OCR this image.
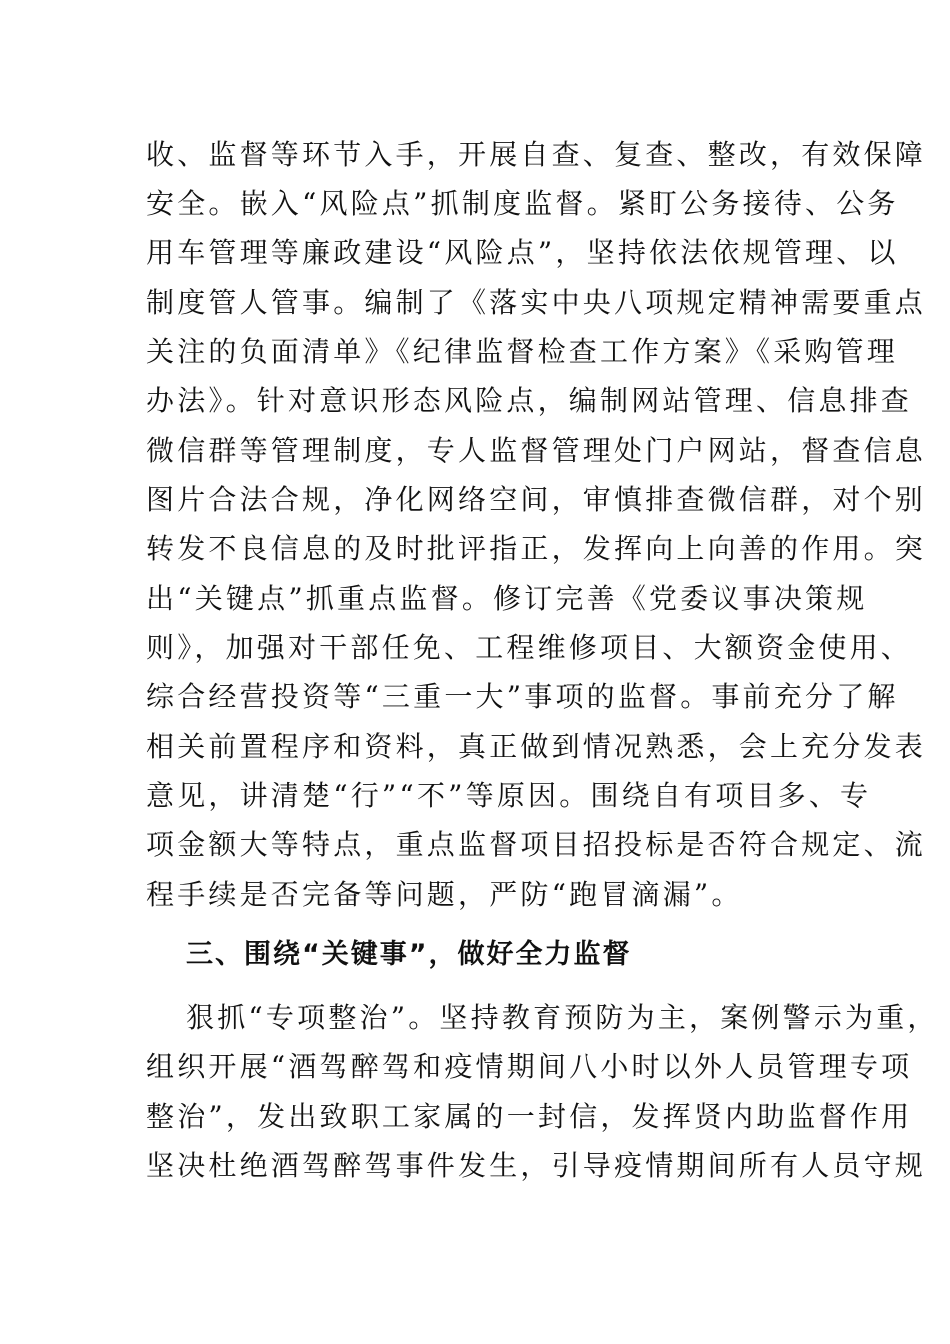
收、监督等环节入手，开展自查、复查、整改，有效保障
安全。嵌入“风险点”抓制度监督。紧盯公务接待、公务
用车管理等廉政建设“风险点”，坚持依法依规管理、以
制度管人管事。编制了《落实中央八项规定精神需要重点
关注的负面清单》《纪律监督检查工作方案》《采购管理
办法》。针对意识形态风险点，编制网站管理、信息排查
微信群等管理制度，专人监督管理处门户网站，督查信息
图片合法合规，净化网络空间，审慎排查微信群，对个别
转发不良信息的及时批评指正，发挥向上向善的作用。突
出“关键点”抓重点监督。修订完善《党委议事决策规
则》，加强对干部任免、工程维修项目、大额资金使用、
综合经营投资等“三重一大”事项的监督。事前充分了解
相关前置程序和资料，真正做到情况熟悉，会上充分发表
意见，讲清楚“行”“不”等原因。围绕自有项目多、专
项金额大等特点，重点监督项目招投标是否符合规定、流
程手续是否完备等问题，严防“跑冒滴漏”。
三、围绕“关键事”，做好全力监督
狠抓“专项整治”。坚持教育预防为主，案例警示为重，
组织开展“酒驾醉驾和疫情期间八小时以外人员管理专项
整治”，发出致职工家属的一封信，发挥贤内助监督作用
坚决杜绝酒驾醉驾事件发生，引导疫情期间所有人员守规
